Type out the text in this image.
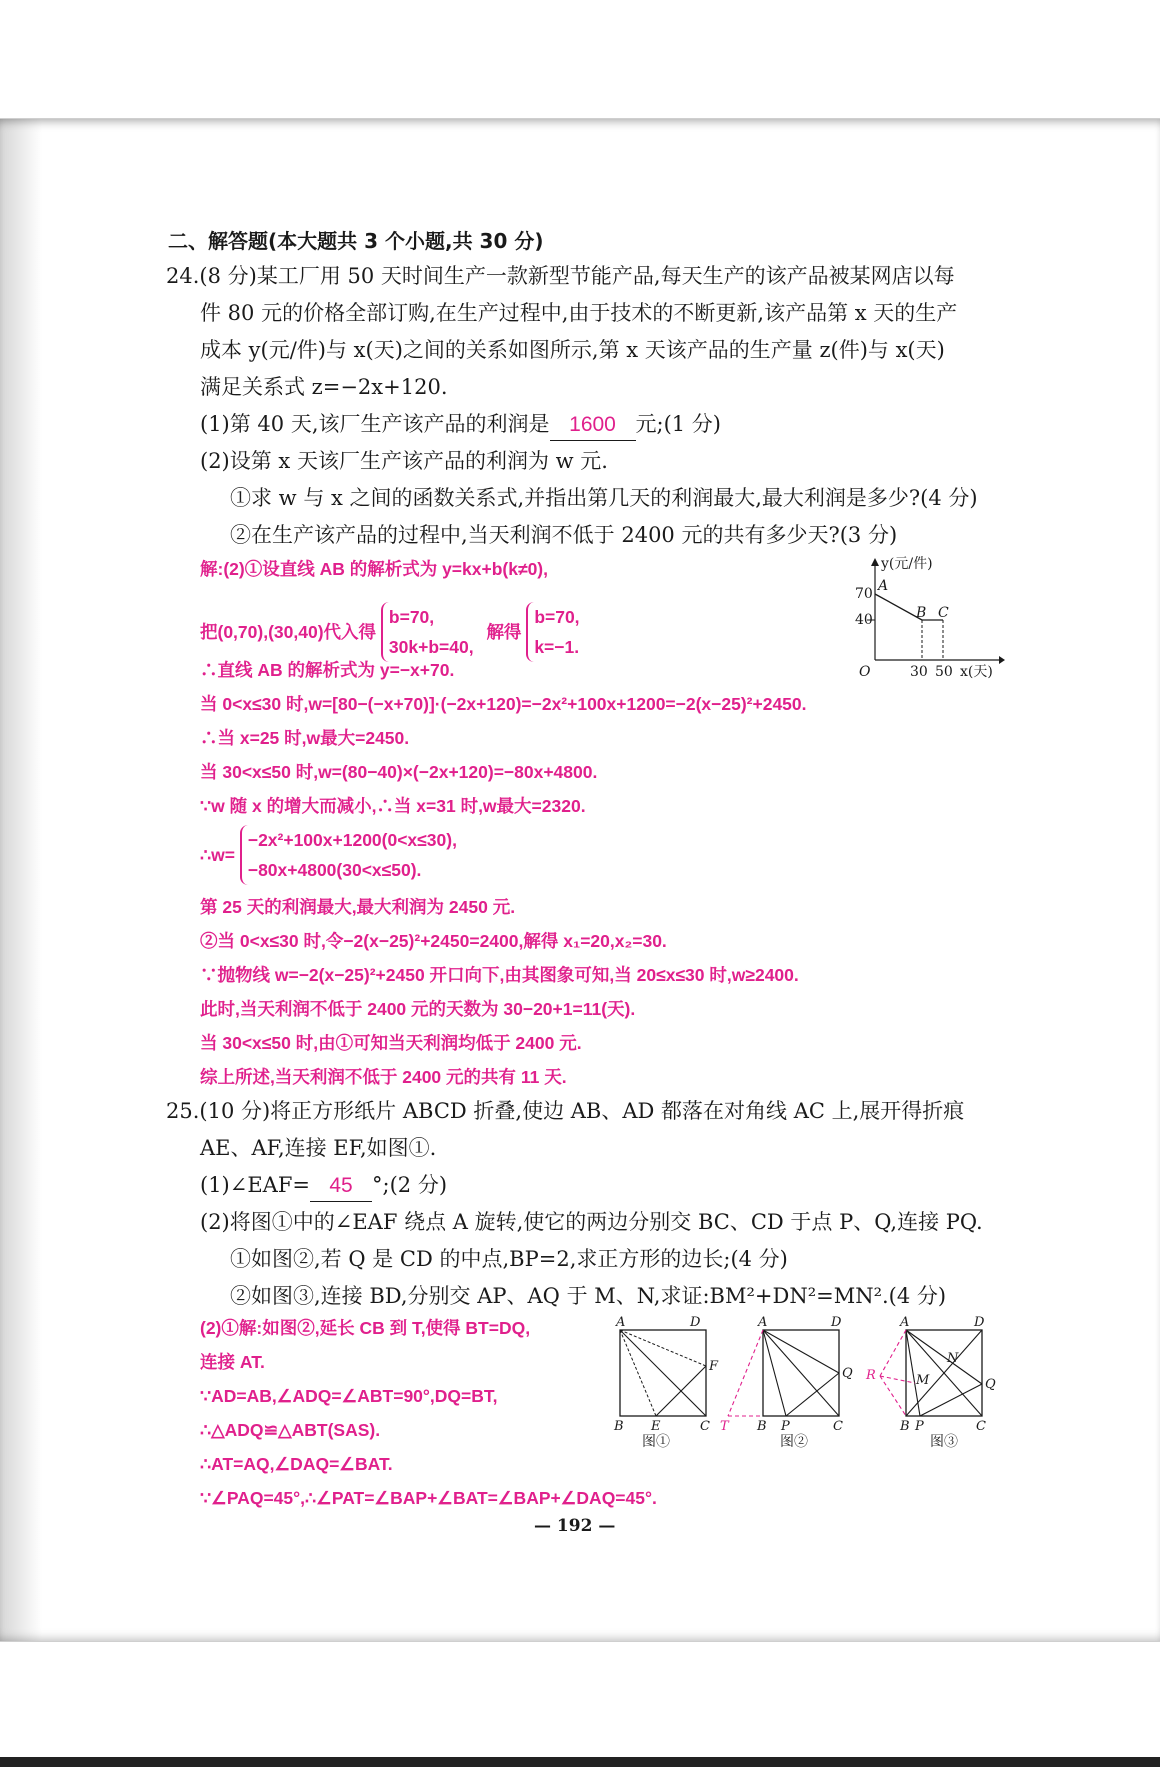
二、解答题(本大题共 3 个小题,共 30 分)
24.(8 分)某工厂用 50 天时间生产一款新型节能产品,每天生产的该产品被某网店以每
件 80 元的价格全部订购,在生产过程中,由于技术的不断更新,该产品第 x 天的生产
成本 y(元/件)与 x(天)之间的关系如图所示,第 x 天该产品的生产量 z(件)与 x(天)
满足关系式 z=−2x+120.
(1)第 40 天,该厂生产该产品的利润是 1600 元;(1 分)
(2)设第 x 天该厂生产该产品的利润为 w 元.
①求 w 与 x 之间的函数关系式,并指出第几天的利润最大,最大利润是多少?(4 分)
②在生产该产品的过程中,当天利润不低于 2400 元的共有多少天?(3 分)
解:(2)①设直线 AB 的解析式为 y=kx+b(k≠0),
把(0,70),(30,40)代入得 b=70,
30k+b=40, 解得 b=70,
k=−1.
∴直线 AB 的解析式为 y=−x+70.
当 0<x≤30 时,w=[80−(−x+70)]·(−2x+120)=−2x²+100x+1200=−2(x−25)²+2450.
∴当 x=25 时,w最大=2450.
当 30<x≤50 时,w=(80−40)×(−2x+120)=−80x+4800.
∵w 随 x 的增大而减小,∴当 x=31 时,w最大=2320.
∴w= −2x²+100x+1200(0<x≤30),
−80x+4800(30<x≤50).
第 25 天的利润最大,最大利润为 2450 元.
②当 0<x≤30 时,令−2(x−25)²+2450=2400,解得 x₁=20,x₂=30.
∵抛物线 w=−2(x−25)²+2450 开口向下,由其图象可知,当 20≤x≤30 时,w≥2400.
此时,当天利润不低于 2400 元的天数为 30−20+1=11(天).
当 30<x≤50 时,由①可知当天利润均低于 2400 元.
综上所述,当天利润不低于 2400 元的共有 11 天.
y(元/件)
70
40
A
B C
O	30 50 x(天)
25.(10 分)将正方形纸片 ABCD 折叠,使边 AB、AD 都落在对角线 AC 上,展开得折痕
AE、AF,连接 EF,如图①.
(1)∠EAF= 45 °;(2 分)
(2)将图①中的∠EAF 绕点 A 旋转,使它的两边分别交 BC、CD 于点 P、Q,连接 PQ.
①如图②,若 Q 是 CD 的中点,BP=2,求正方形的边长;(4 分)
②如图③,连接 BD,分别交 AP、AQ 于 M、N,求证:BM²+DN²=MN².(4 分)
(2)①解:如图②,延长 CB 到 T,使得 BT=DQ,
连接 AT.
∵AD=AB,∠ADQ=∠ABT=90°,DQ=BT,
∴△ADQ≌△ABT(SAS).
∴AT=AQ,∠DAQ=∠BAT.
∵∠PAQ=45°,∴∠PAT=∠BAP+∠BAT=∠BAP+∠DAQ=45°.
A	D
F
B E	C
图①
A	D
Q
T B P	C
图②
A	D
N
M
R
Q
B P	C
图③
— 192 —
